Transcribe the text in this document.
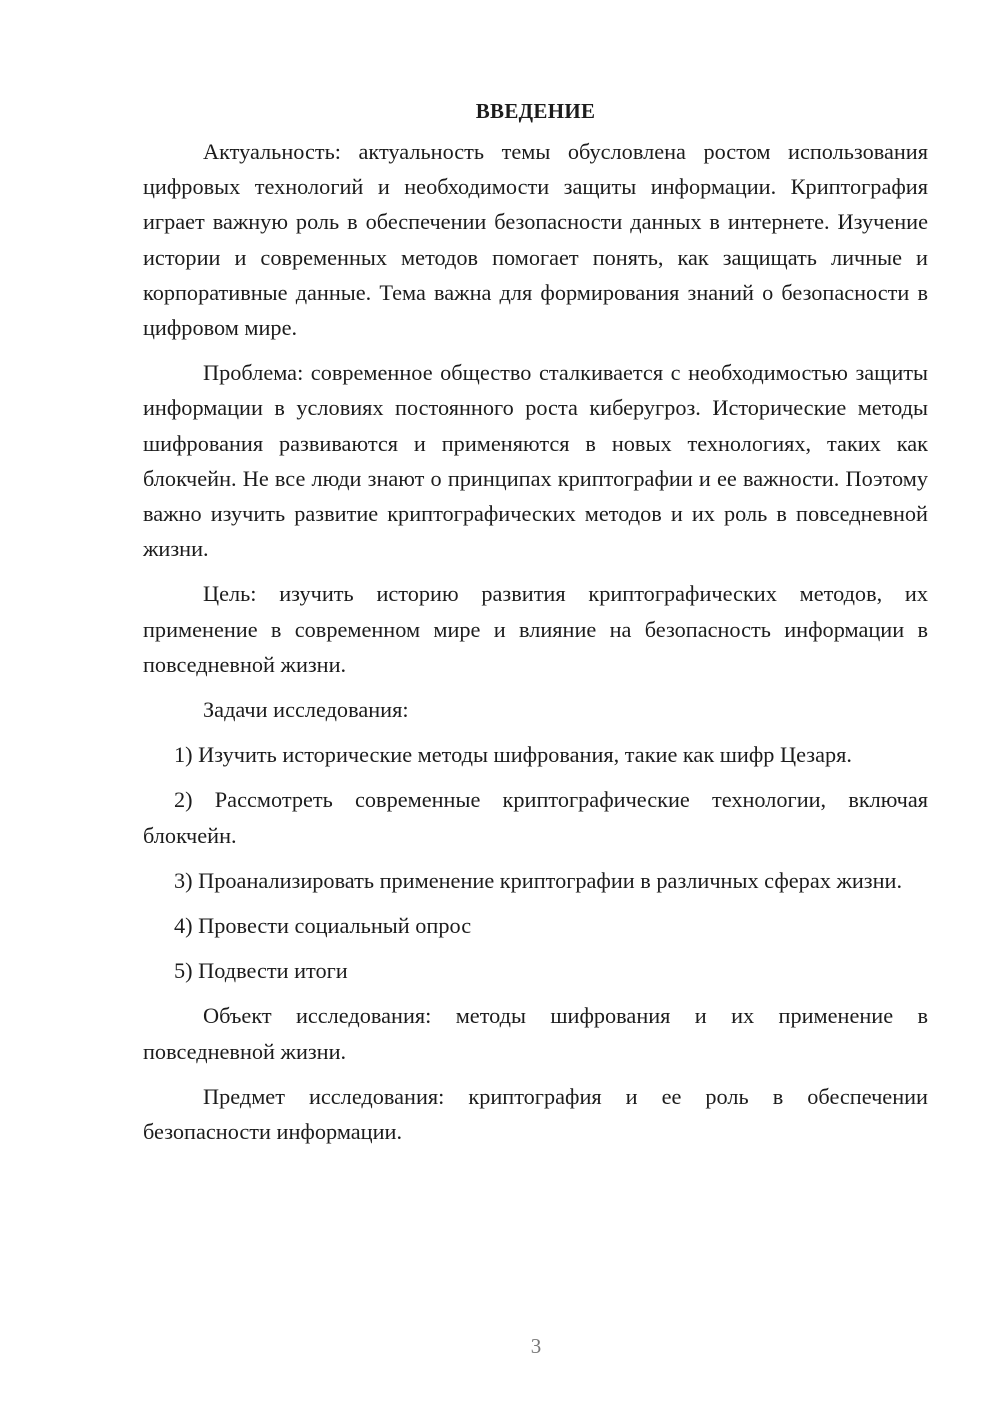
ВВЕДЕНИЕ

Актуальность: актуальность темы обусловлена ростом использования цифровых технологий и необходимости защиты информации. Криптография играет важную роль в обеспечении безопасности данных в интернете. Изучение истории и современных методов помогает понять, как защищать личные и корпоративные данные. Тема важна для формирования знаний о безопасности в цифровом мире.

Проблема: современное общество сталкивается с необходимостью защиты информации в условиях постоянного роста киберугроз. Исторические методы шифрования развиваются и применяются в новых технологиях, таких как блокчейн. Не все люди знают о принципах криптографии и ее важности. Поэтому важно изучить развитие криптографических методов и их роль в повседневной жизни.

Цель: изучить историю развития криптографических методов, их применение в современном мире и влияние на безопасность информации в повседневной жизни.

Задачи исследования:

1) Изучить исторические методы шифрования, такие как шифр Цезаря.

2) Рассмотреть современные криптографические технологии, включая блокчейн.

3) Проанализировать применение криптографии в различных сферах жизни.

4) Провести социальный опрос

5) Подвести итоги

Объект исследования: методы шифрования и их применение в повседневной жизни.

Предмет исследования: криптография и ее роль в обеспечении безопасности информации.

3
